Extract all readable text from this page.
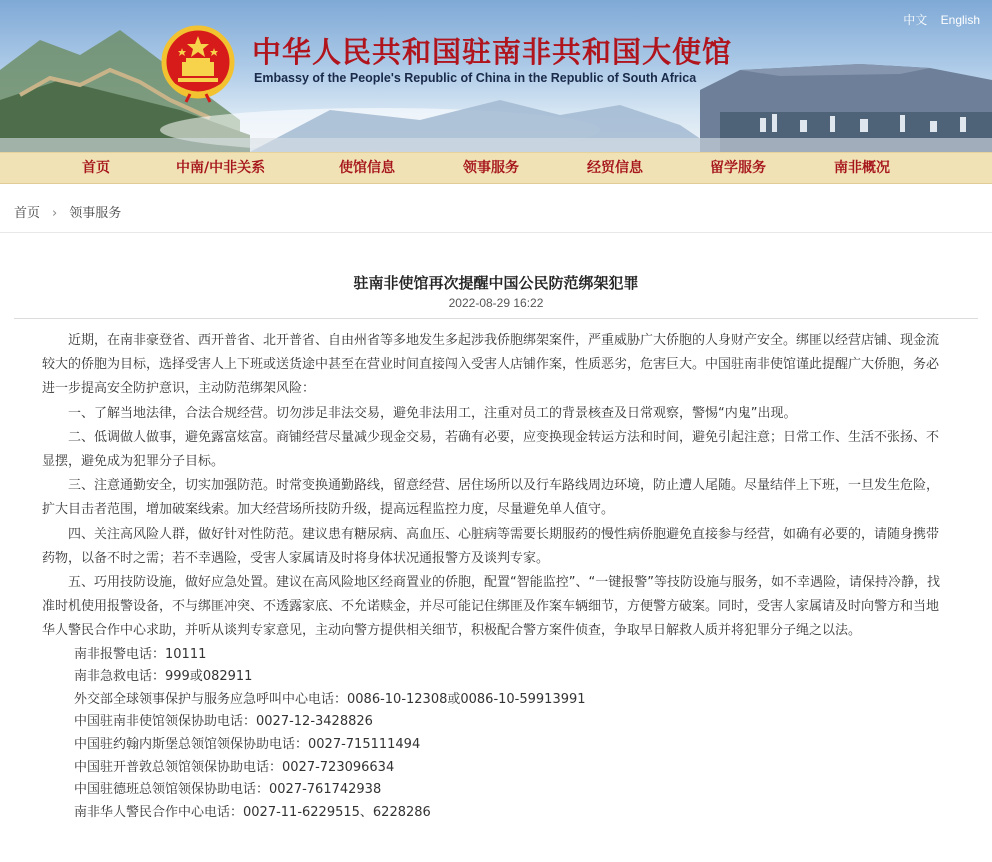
中华人民共和国驻南非共和国大使馆
Embassy of the People's Republic of China in the Republic of South Africa
中文 English
首页	中南/中非关系	使馆信息	领事服务	经贸信息	留学服务	南非概况
首页 › 领事服务
驻南非使馆再次提醒中国公民防范绑架犯罪
2022-08-29 16:22

近期，在南非豪登省、西开普省、北开普省、自由州省等多地发生多起涉我侨胞绑架案件，严重威胁广大侨胞的人身财产安全。绑匪以经营店铺、现金流较大的侨胞为目标，选择受害人上下班或送货途中甚至在营业时间直接闯入受害人店铺作案，性质恶劣，危害巨大。中国驻南非使馆谨此提醒广大侨胞，务必进一步提高安全防护意识，主动防范绑架风险：

一、了解当地法律，合法合规经营。切勿涉足非法交易，避免非法用工，注重对员工的背景核查及日常观察，警惕“内鬼”出现。

二、低调做人做事，避免露富炫富。商铺经营尽量减少现金交易，若确有必要，应变换现金转运方法和时间，避免引起注意；日常工作、生活不张扬、不显摆，避免成为犯罪分子目标。

三、注意通勤安全，切实加强防范。时常变换通勤路线，留意经营、居住场所以及行车路线周边环境，防止遭人尾随。尽量结伴上下班，一旦发生危险，扩大目击者范围，增加破案线索。加大经营场所技防升级，提高远程监控力度，尽量避免单人值守。

四、关注高风险人群，做好针对性防范。建议患有糖尿病、高血压、心脏病等需要长期服药的慢性病侨胞避免直接参与经营，如确有必要的，请随身携带药物，以备不时之需；若不幸遇险，受害人家属请及时将身体状况通报警方及谈判专家。

五、巧用技防设施，做好应急处置。建议在高风险地区经商置业的侨胞，配置“智能监控”、“一键报警”等技防设施与服务，如不幸遇险，请保持冷静，找准时机使用报警设备，不与绑匪冲突、不透露家底、不允诺赎金，并尽可能记住绑匪及作案车辆细节，方便警方破案。同时，受害人家属请及时向警方和当地华人警民合作中心求助，并听从谈判专家意见，主动向警方提供相关细节，积极配合警方案件侦查，争取早日解救人质并将犯罪分子绳之以法。

南非报警电话：10111

南非急救电话：999或082911

外交部全球领事保护与服务应急呼叫中心电话：0086-10-12308或0086-10-59913991

中国驻南非使馆领保协助电话：0027-12-3428826

中国驻约翰内斯堡总领馆领保协助电话：0027-715111494

中国驻开普敦总领馆领保协助电话：0027-723096634

中国驻德班总领馆领保协助电话：0027-761742938

南非华人警民合作中心电话：0027-11-6229515、6228286
